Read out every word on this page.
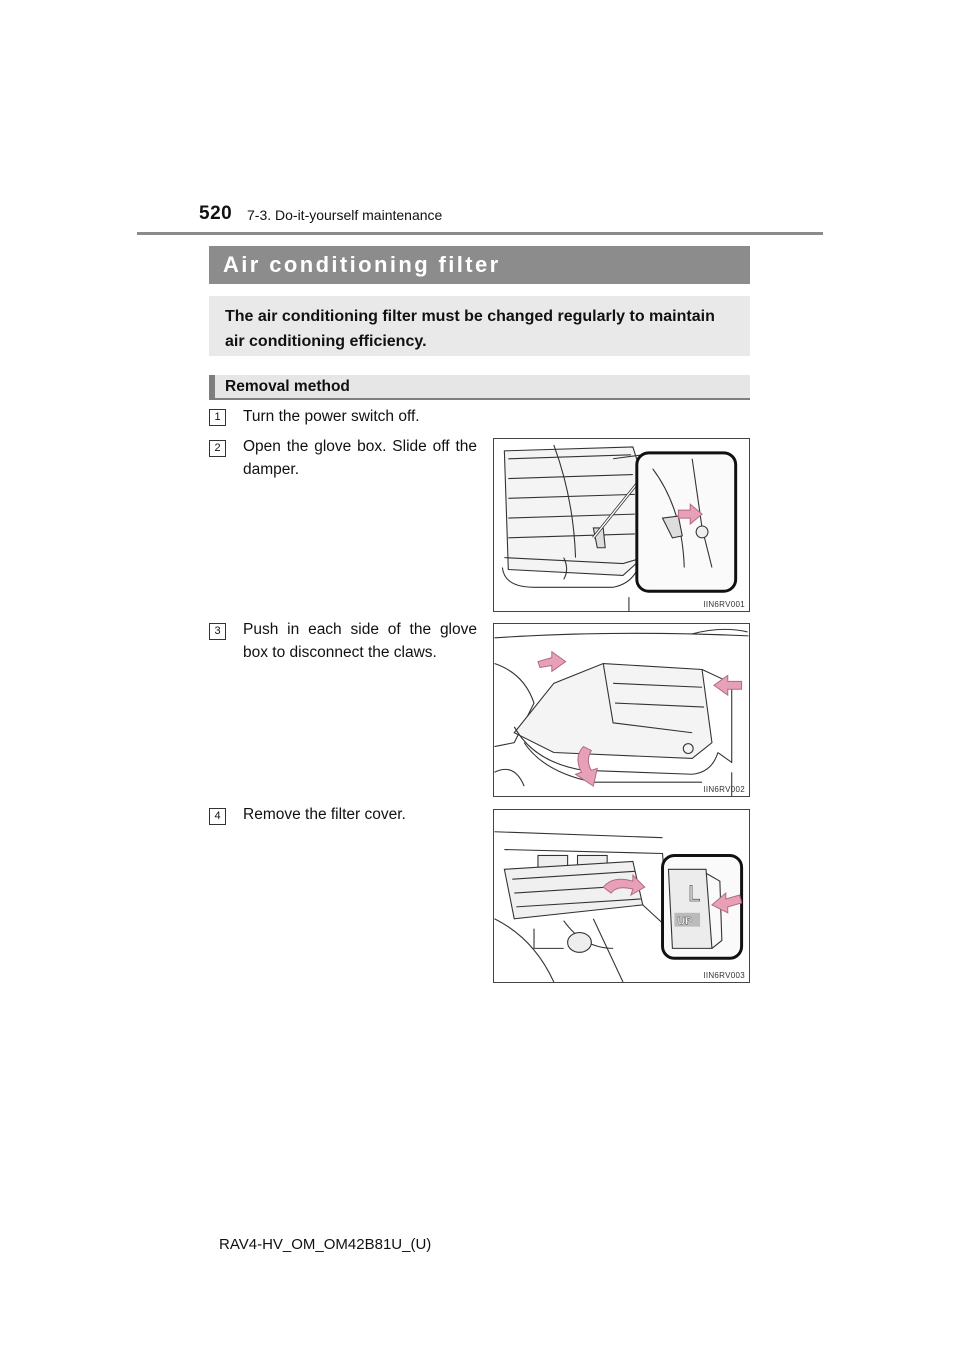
520 7-3. Do-it-yourself maintenance
Air conditioning filter
The air conditioning filter must be changed regularly to maintain air conditioning efficiency.
Removal method
1	Turn the power switch off.
2	Open the glove box. Slide off the damper.
IIN6RV001
3	Push in each side of the glove box to disconnect the claws.
IIN6RV002
4	Remove the filter cover.
L
UP
IIN6RV003
RAV4-HV_OM_OM42B81U_(U)
